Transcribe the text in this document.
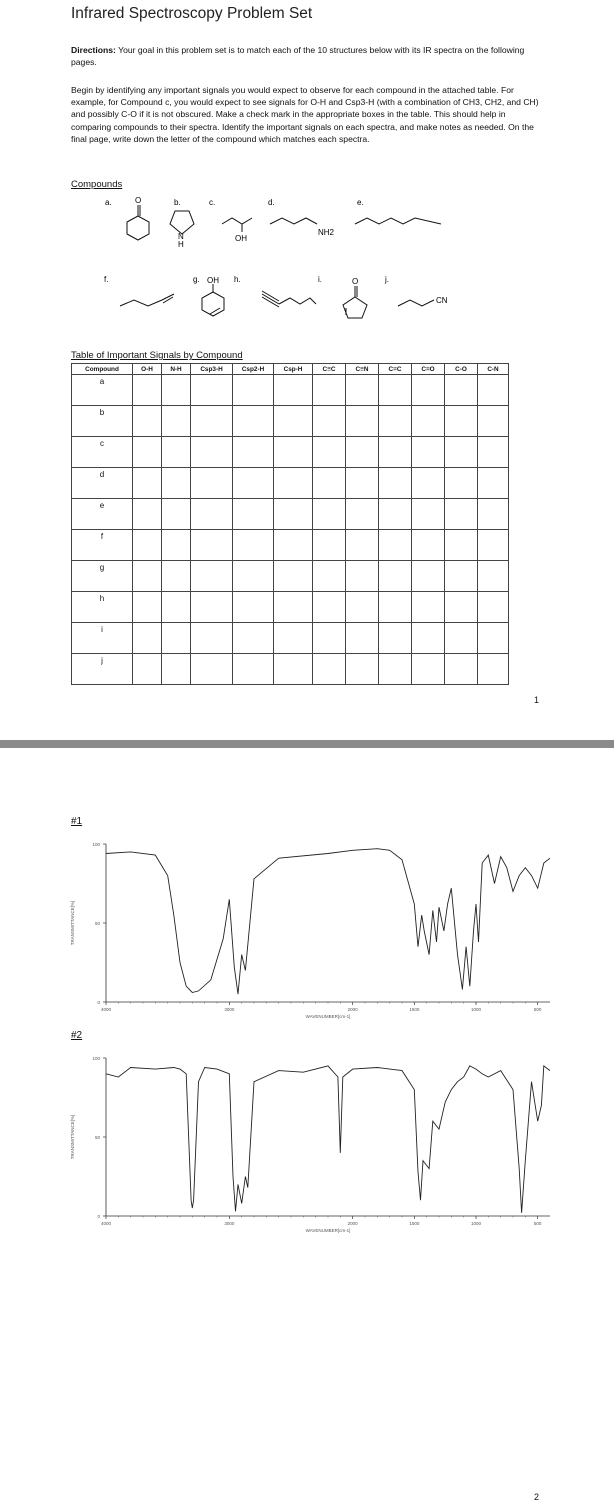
Infrared Spectroscopy Problem Set
Directions: Your goal in this problem set is to match each of the 10 structures below with its IR spectra on the following pages.
Begin by identifying any important signals you would expect to observe for each compound in the attached table. For example, for Compound c, you would expect to see signals for O-H and Csp3-H (with a combination of CH3, CH2, and CH) and possibly C-O if it is not obscured. Make a check mark in the appropriate boxes in the table. This should help in comparing compounds to their spectra. Identify the important signals on each spectra, and make notes as needed. On the final page, write down the letter of the compound which matches each spectra.
Compounds
a.	b.	c.	d.	e.
f.	g.	h.	i.	j.
O
N
H
OH
NH2
OH	O
CN
Table of Important Signals by Compound
Compound	O-H	N-H	Csp3-H	Csp2-H	Csp-H	C≡C	C≡N	C=C	C=O	C-O	C-N
a											
b											
c											
d											
e											
f											
g											
h											
i											
j											
1
#1
100
50
0
4000	3000	2000	1500	1000	500
WAVENUMBER[cm-1]
TRANSMITTANCE[%]
#2
100
50
0
4000	3000	2000	1500	1000	500
WAVENUMBER[cm-1]
TRANSMITTANCE[%]
2
